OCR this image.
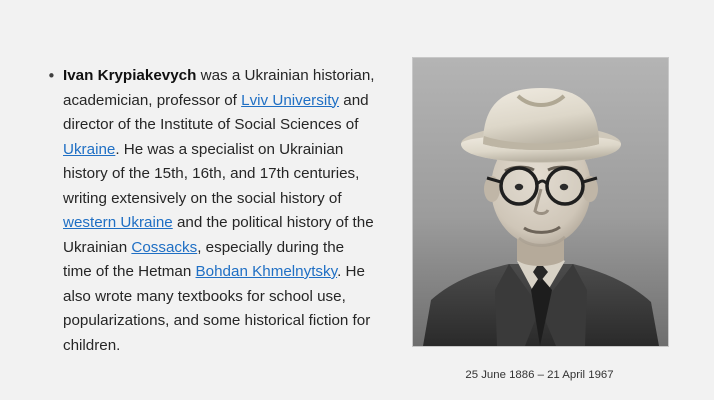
• Ivan Krypiakevych was a Ukrainian historian, academician, professor of Lviv University and director of the Institute of Social Sciences of Ukraine. He was a specialist on Ukrainian history of the 15th, 16th, and 17th centuries, writing extensively on the social history of western Ukraine and the political history of the Ukrainian Cossacks, especially during the time of the Hetman Bohdan Khmelnytsky. He also wrote many textbooks for school use, popularizations, and some historical fiction for children.
25 June 1886 – 21 April 1967
